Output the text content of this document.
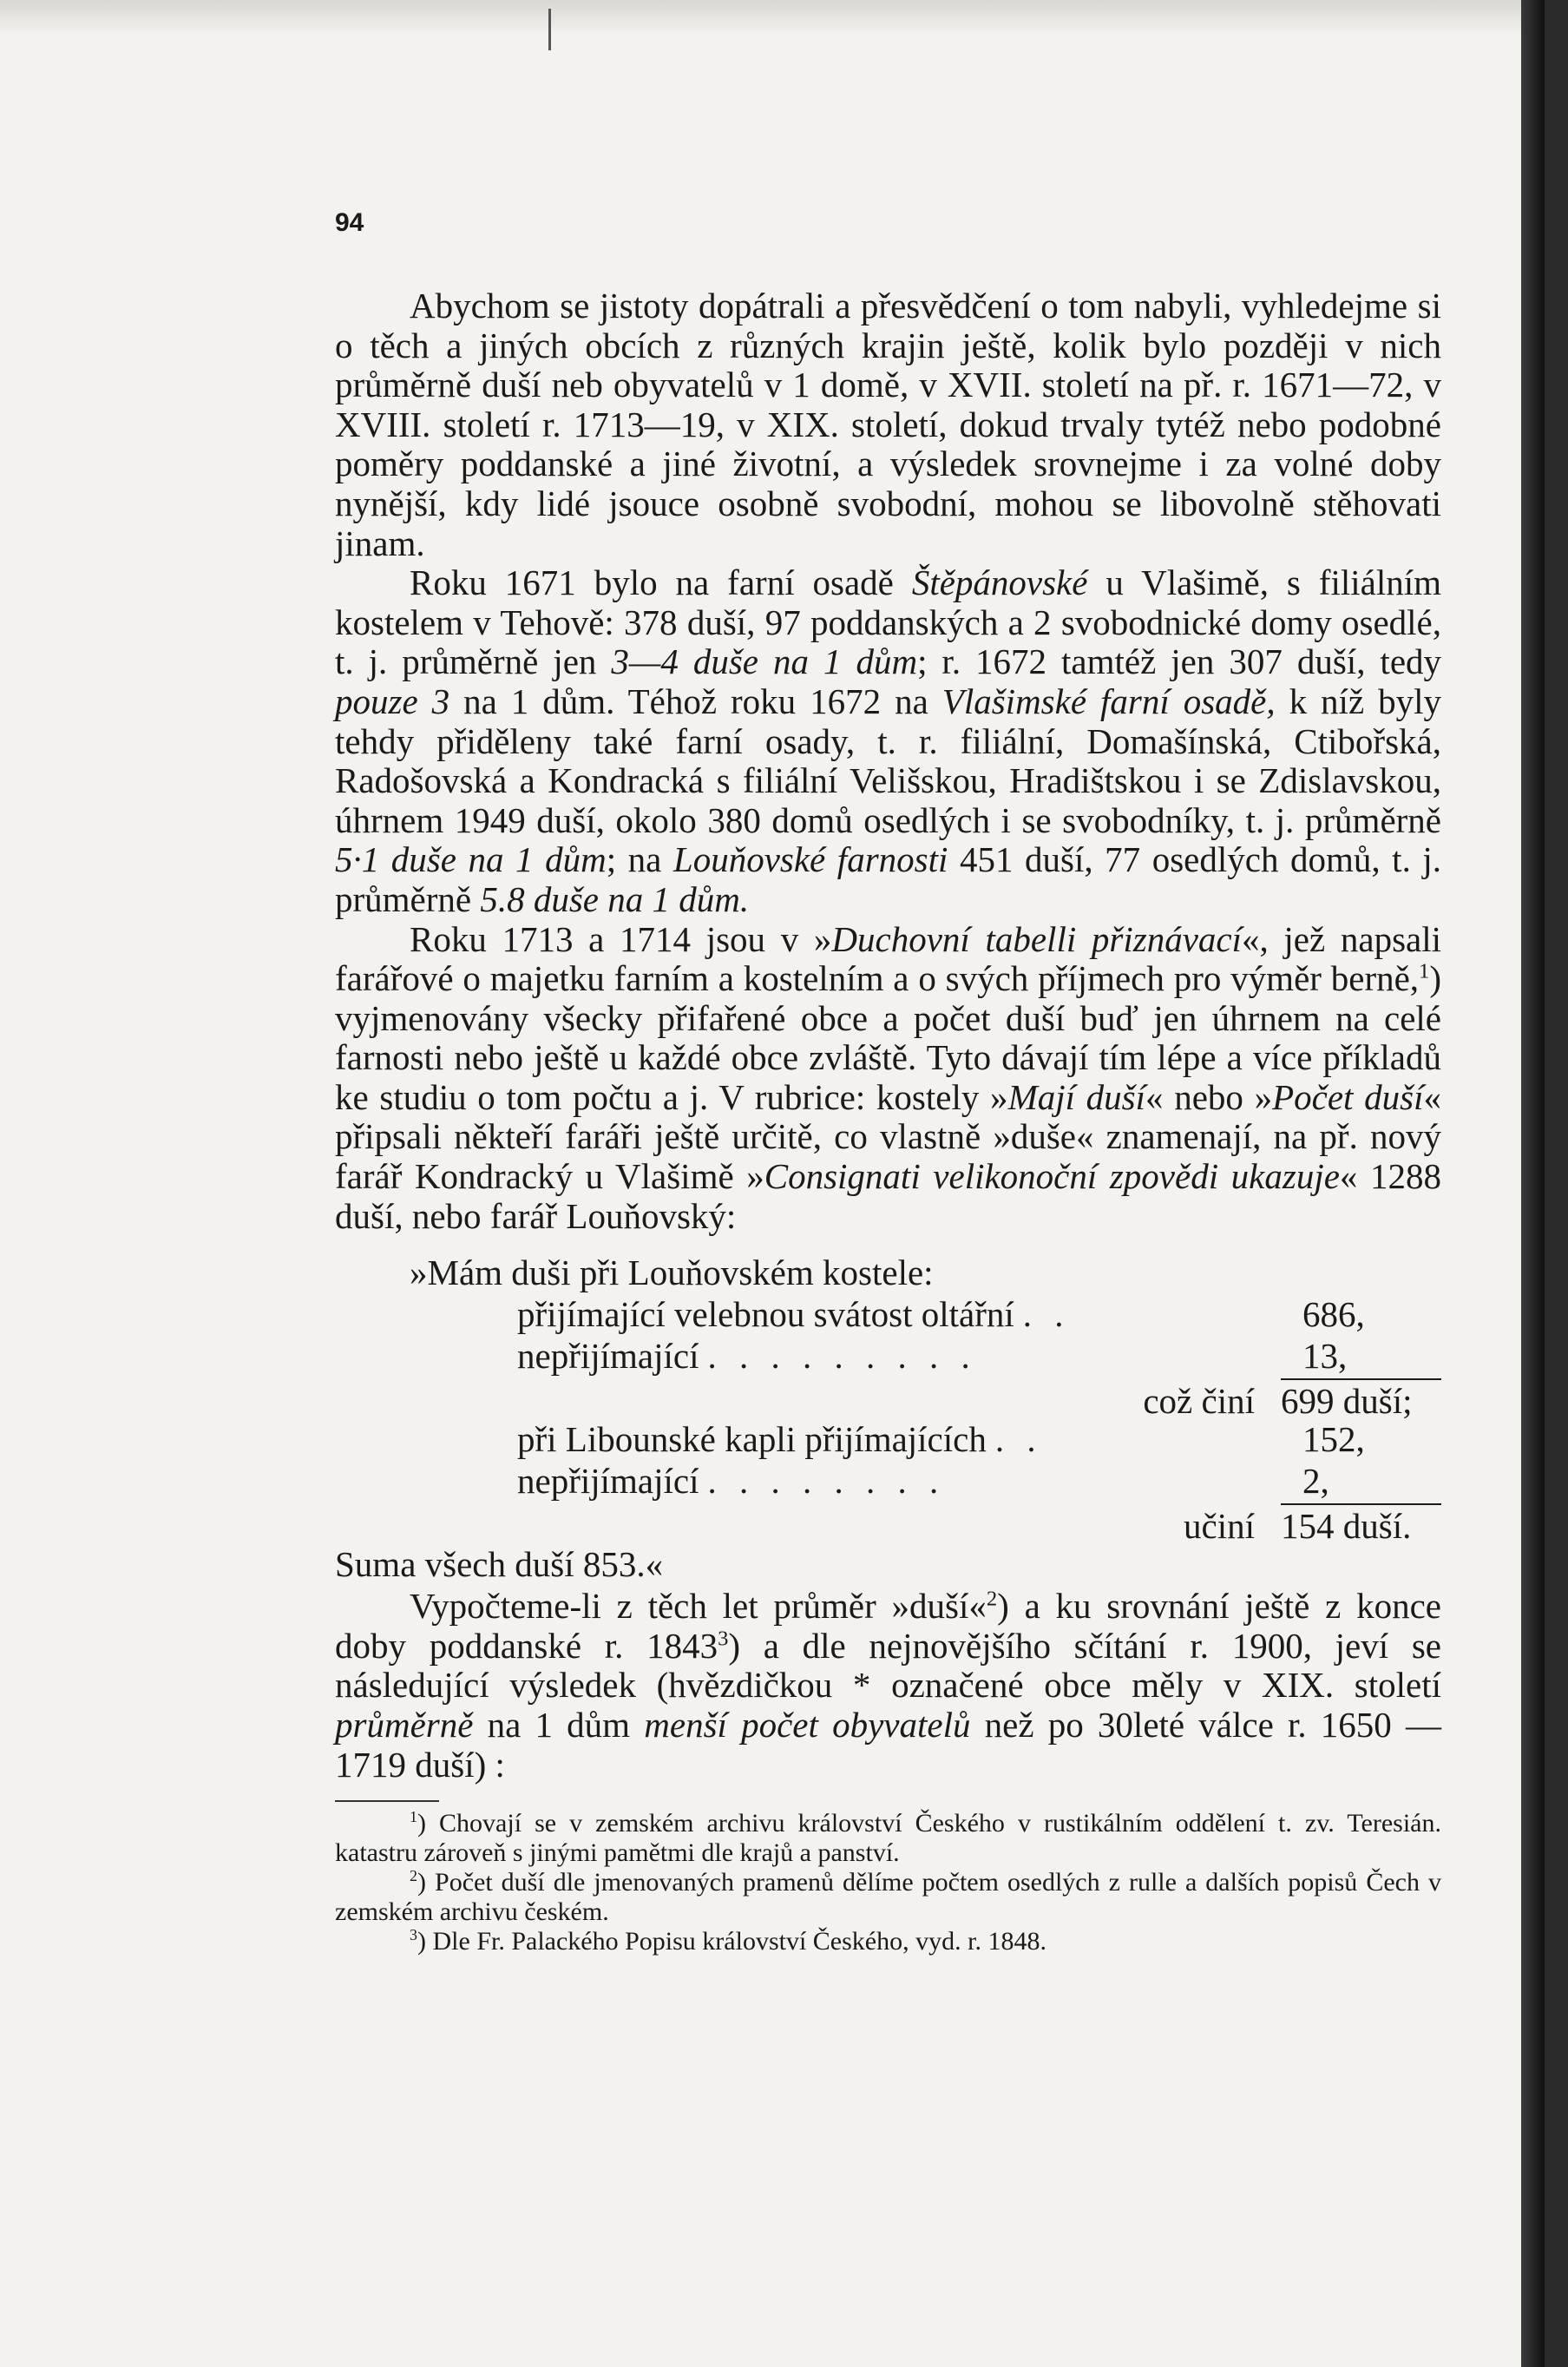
94

Abychom se jistoty dopátrali a přesvědčení o tom nabyli, vyhledejme si o těch a jiných obcích z různých krajin ještě, kolik bylo později v nich průměrně duší neb obyvatelů v 1 domě, v XVII. století na př. r. 1671—72, v XVIII. století r. 1713—19, v XIX. století, dokud trvaly tytéž nebo podobné poměry poddanské a jiné životní, a výsledek srovnejme i za volné doby nynější, kdy lidé jsouce osobně svobodní, mohou se libovolně stěhovati jinam.

Roku 1671 bylo na farní osadě Štěpánovské u Vlašimě, s filiálním kostelem v Tehově: 378 duší, 97 poddanských a 2 svobodnické domy osedlé, t. j. průměrně jen 3—4 duše na 1 dům; r. 1672 tamtéž jen 307 duší, tedy pouze 3 na 1 dům. Téhož roku 1672 na Vlašimské farní osadě, k níž byly tehdy přiděleny také farní osady, t. r. filiální, Domašínská, Ctibořská, Radošovská a Kondracká s filiální Velišskou, Hradištskou i se Zdislavskou, úhrnem 1949 duší, okolo 380 domů osedlých i se svobodníky, t. j. průměrně 5·1 duše na 1 dům; na Louňovské farnosti 451 duší, 77 osedlých domů, t. j. průměrně 5.8 duše na 1 dům.

Roku 1713 a 1714 jsou v »Duchovní tabelli přiznávací«, jež napsali farářové o majetku farním a kostelním a o svých příjmech pro výměr berně,$^1$) vyjmenovány všecky přifařené obce a počet duší buď jen úhrnem na celé farnosti nebo ještě u každé obce zvláště. Tyto dávají tím lépe a více příkladů ke studiu o tom počtu a j. V rubrice: kostely »Mají duší« nebo »Počet duší« připsali někteří faráři ještě určitě, co vlastně »duše« znamenají, na př. nový farář Kondracký u Vlašimě »Consignati velikonoční zpovědi ukazuje« 1288 duší, nebo farář Louňovský:

»Mám duši při Louňovském kostele:
přijímající velebnou svátost oltářní . .	686,
nepřijímající . . . . . . . . .	13,
což činí 699 duší;
při Libounské kapli přijímajících . .	152,
nepřijímající . . . . . . . .	2,
učiní 154 duší.
Suma všech duší 853.«

Vypočteme-li z těch let průměr »duší«$^2$) a ku srovnání ještě z konce doby poddanské r. 1843$^3$) a dle nejnovějšího sčítání r. 1900, jeví se následující výsledek (hvězdičkou * označené obce měly v XIX. století průměrně na 1 dům menší počet obyvatelů než po 30leté válce r. 1650 — 1719 duší) :

$^1$) Chovají se v zemském archivu království Českého v rustikálním oddělení t. zv. Teresián. katastru zároveň s jinými pamětmi dle krajů a panství.

$^2$) Počet duší dle jmenovaných pramenů dělíme počtem osedlých z rulle a dalších popisů Čech v zemském archivu českém.

$^3$) Dle Fr. Palackého Popisu království Českého, vyd. r. 1848.
